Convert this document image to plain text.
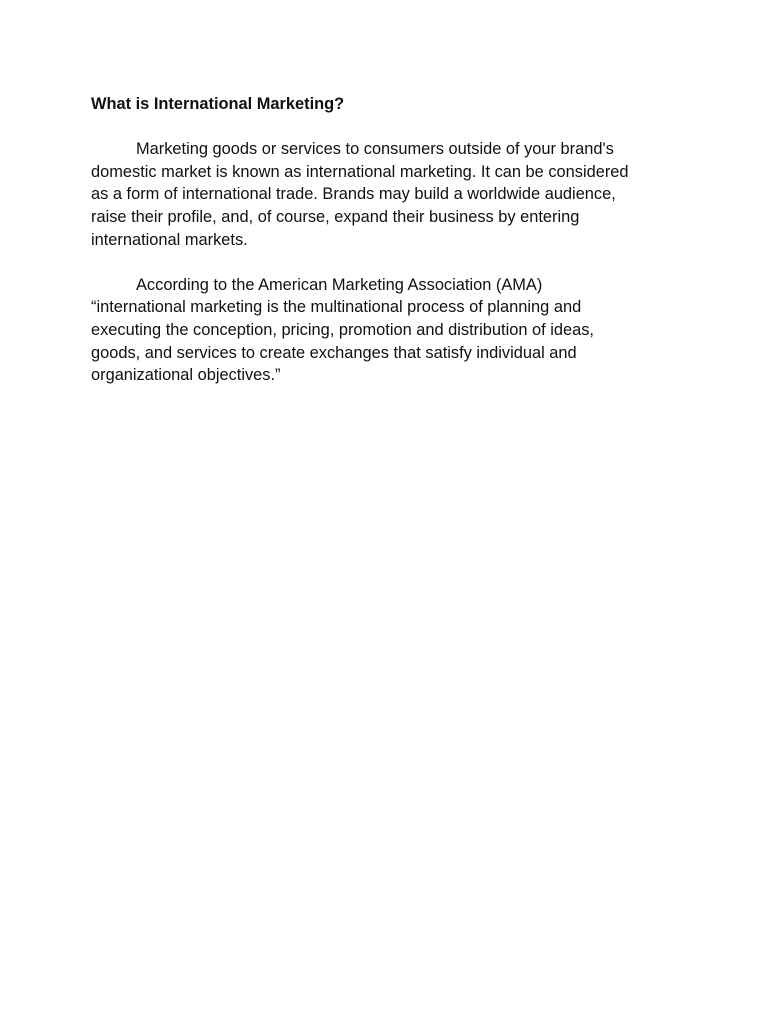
What is International Marketing?
Marketing goods or services to consumers outside of your brand's
domestic market is known as international marketing. It can be considered
as a form of international trade. Brands may build a worldwide audience,
raise their profile, and, of course, expand their business by entering
international markets.
According to the American Marketing Association (AMA)
“international marketing is the multinational process of planning and
executing the conception, pricing, promotion and distribution of ideas,
goods, and services to create exchanges that satisfy individual and
organizational objectives.”
